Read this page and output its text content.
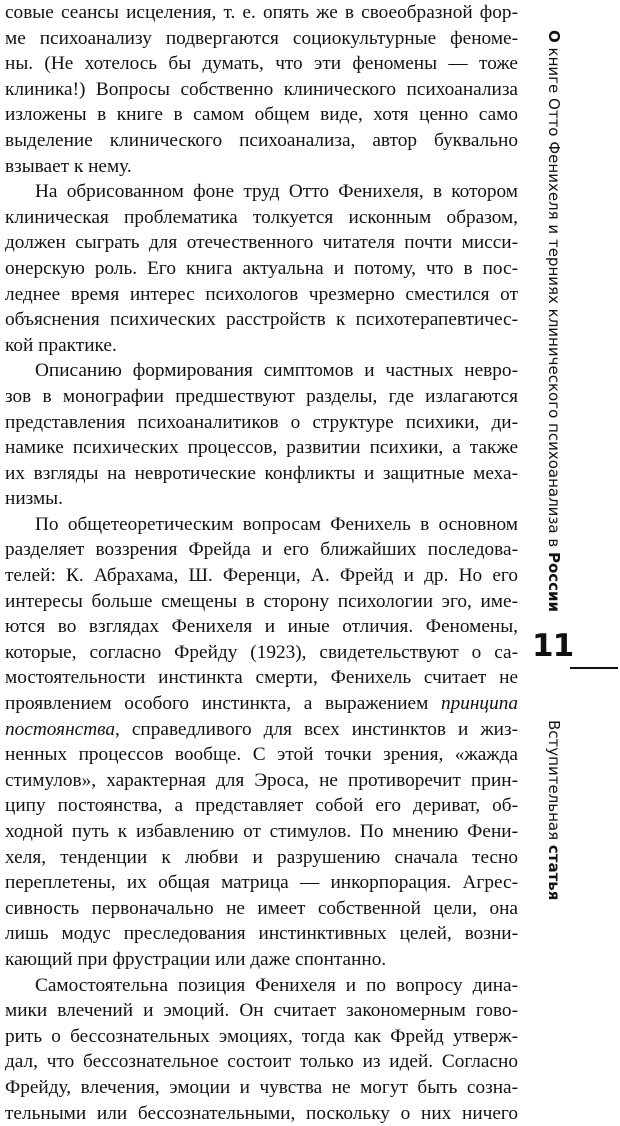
совые сеансы исцеления, т. е. опять же в своеобразной фор-
ме психоанализу подвергаются социокультурные феноме-
ны. (Не хотелось бы думать, что эти феномены — тоже
клиника!) Вопросы собственно клинического психоанализа
изложены в книге в самом общем виде, хотя ценно само
выделение клинического психоанализа, автор буквально
взывает к нему.
На обрисованном фоне труд Отто Фенихеля, в котором
клиническая проблематика толкуется исконным образом,
должен сыграть для отечественного читателя почти мисси-
онерскую роль. Его книга актуальна и потому, что в пос-
леднее время интерес психологов чрезмерно сместился от
объяснения психических расстройств к психотерапевтичес-
кой практике.
Описанию формирования симптомов и частных невро-
зов в монографии предшествуют разделы, где излагаются
представления психоаналитиков о структуре психики, ди-
намике психических процессов, развитии психики, а также
их взгляды на невротические конфликты и защитные меха-
низмы.
По общетеоретическим вопросам Фенихель в основном
разделяет воззрения Фрейда и его ближайших последова-
телей: К. Абрахама, Ш. Ференци, А. Фрейд и др. Но его
интересы больше смещены в сторону психологии эго, име-
ются во взглядах Фенихеля и иные отличия. Феномены,
которые, согласно Фрейду (1923), свидетельствуют о са-
мостоятельности инстинкта смерти, Фенихель считает не
проявлением особого инстинкта, а выражением принципа
постоянства, справедливого для всех инстинктов и жиз-
ненных процессов вообще. С этой точки зрения, «жажда
стимулов», характерная для Эроса, не противоречит прин-
ципу постоянства, а представляет собой его дериват, об-
ходной путь к избавлению от стимулов. По мнению Фени-
хеля, тенденции к любви и разрушению сначала тесно
переплетены, их общая матрица — инкорпорация. Агрес-
сивность первоначально не имеет собственной цели, она
лишь модус преследования инстинктивных целей, возни-
кающий при фрустрации или даже спонтанно.
Самостоятельна позиция Фенихеля и по вопросу дина-
мики влечений и эмоций. Он считает закономерным гово-
рить о бессознательных эмоциях, тогда как Фрейд утверж-
дал, что бессознательное состоит только из идей. Согласно
Фрейду, влечения, эмоции и чувства не могут быть созна-
тельными или бессознательными, поскольку о них ничего
О книге Отто Фенихеля и терниях клинического психоанализа в России
11
Вступительная статья
